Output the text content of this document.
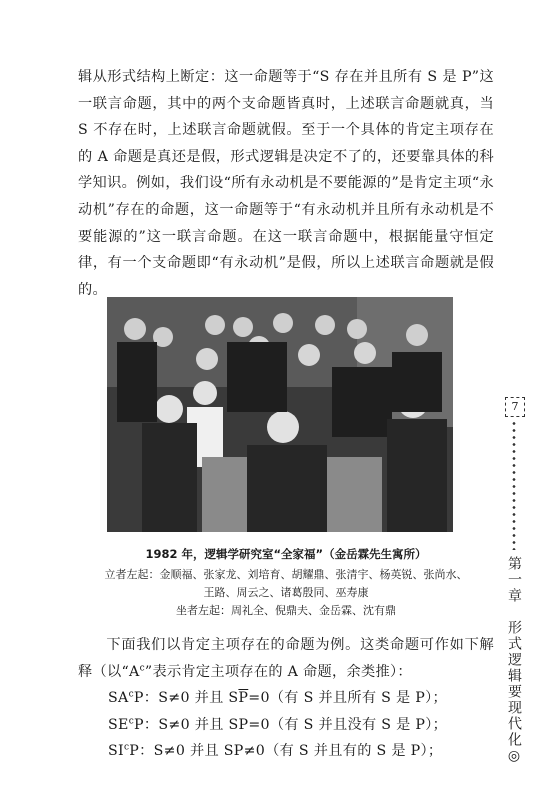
辑从形式结构上断定：这一命题等于“S 存在并且所有 S 是 P”这一联言命题，其中的两个支命题皆真时，上述联言命题就真，当 S 不存在时，上述联言命题就假。至于一个具体的肯定主项存在的 A 命题是真还是假，形式逻辑是决定不了的，还要靠具体的科学知识。例如，我们设“所有永动机是不要能源的”是肯定主项“永动机”存在的命题，这一命题等于“有永动机并且所有永动机是不要能源的”这一联言命题。在这一联言命题中，根据能量守恒定律，有一个支命题即“有永动机”是假，所以上述联言命题就是假的。

1982 年，逻辑学研究室“全家福”（金岳霖先生寓所）

立者左起：金顺福、张家龙、刘培育、胡耀鼎、张清宇、杨英锐、张尚水、

王路、周云之、诸葛殷同、巫寿康

坐者左起：周礼全、倪鼎夫、金岳霖、沈有鼎

下面我们以肯定主项存在的命题为例。这类命题可作如下解释（以“$A^c$”表示肯定主项存在的 A 命题，余类推）：

$SA^cP$：S≠0 并且 $S\overline{P}=0$（有 S 并且所有 S 是 P）；

$SE^cP$：S≠0 并且 SP=0（有 S 并且没有 S 是 P）；

$SI^cP$：S≠0 并且 SP≠0（有 S 并且有的 S 是 P）；

7
第一章　形式逻辑要现代化◎
